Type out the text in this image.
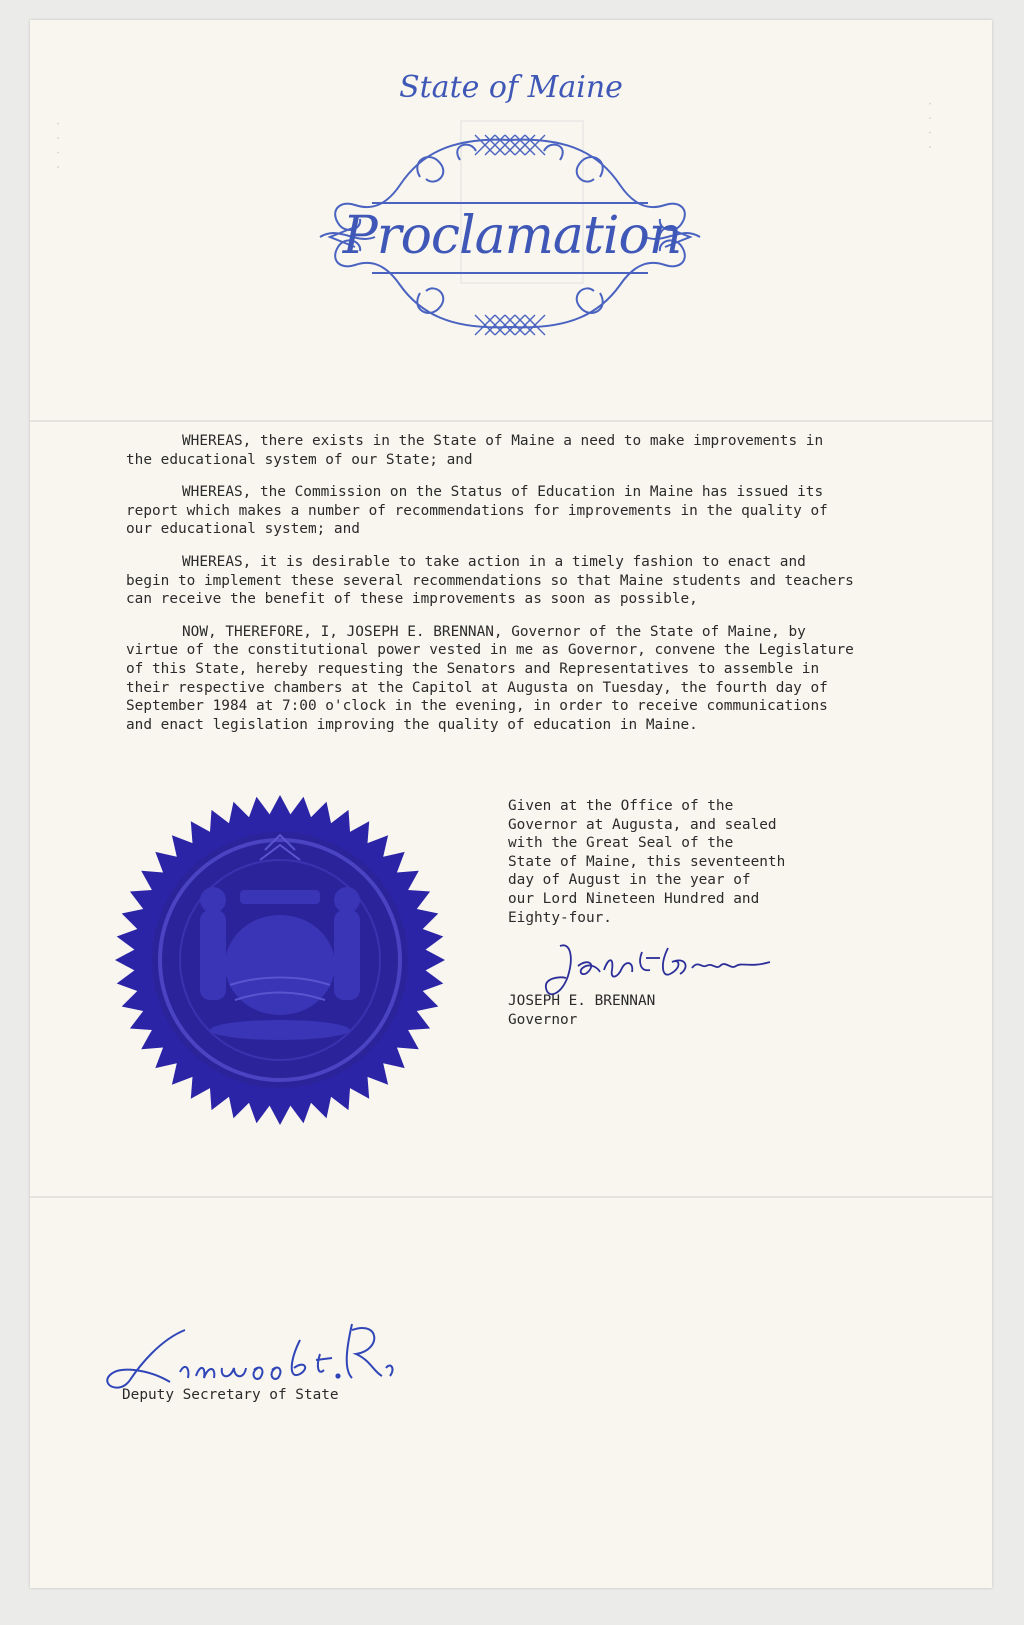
. . . .	. . . .
State of Maine
Proclamation

WHEREAS, there exists in the State of Maine a need to make improvements in the educational system of our State; and

WHEREAS, the Commission on the Status of Education in Maine has issued its report which makes a number of recommendations for improvements in the quality of our educational system; and

WHEREAS, it is desirable to take action in a timely fashion to enact and begin to implement these several recommendations so that Maine students and teachers can receive the benefit of these improvements as soon as possible,

NOW, THEREFORE, I, JOSEPH E. BRENNAN, Governor of the State of Maine, by virtue of the constitutional power vested in me as Governor, convene the Legislature of this State, hereby requesting the Senators and Representatives to assemble in their respective chambers at the Capitol at Augusta on Tuesday, the fourth day of September 1984 at 7:00 o'clock in the evening, in order to receive communications and enact legislation improving the quality of education in Maine.

Given at the Office of the
Governor at Augusta, and sealed
with the Great Seal of the
State of Maine, this seventeenth
day of August in the year of
our Lord Nineteen Hundred and
Eighty-four.
JOSEPH E. BRENNAN
Governor
Deputy Secretary of State
